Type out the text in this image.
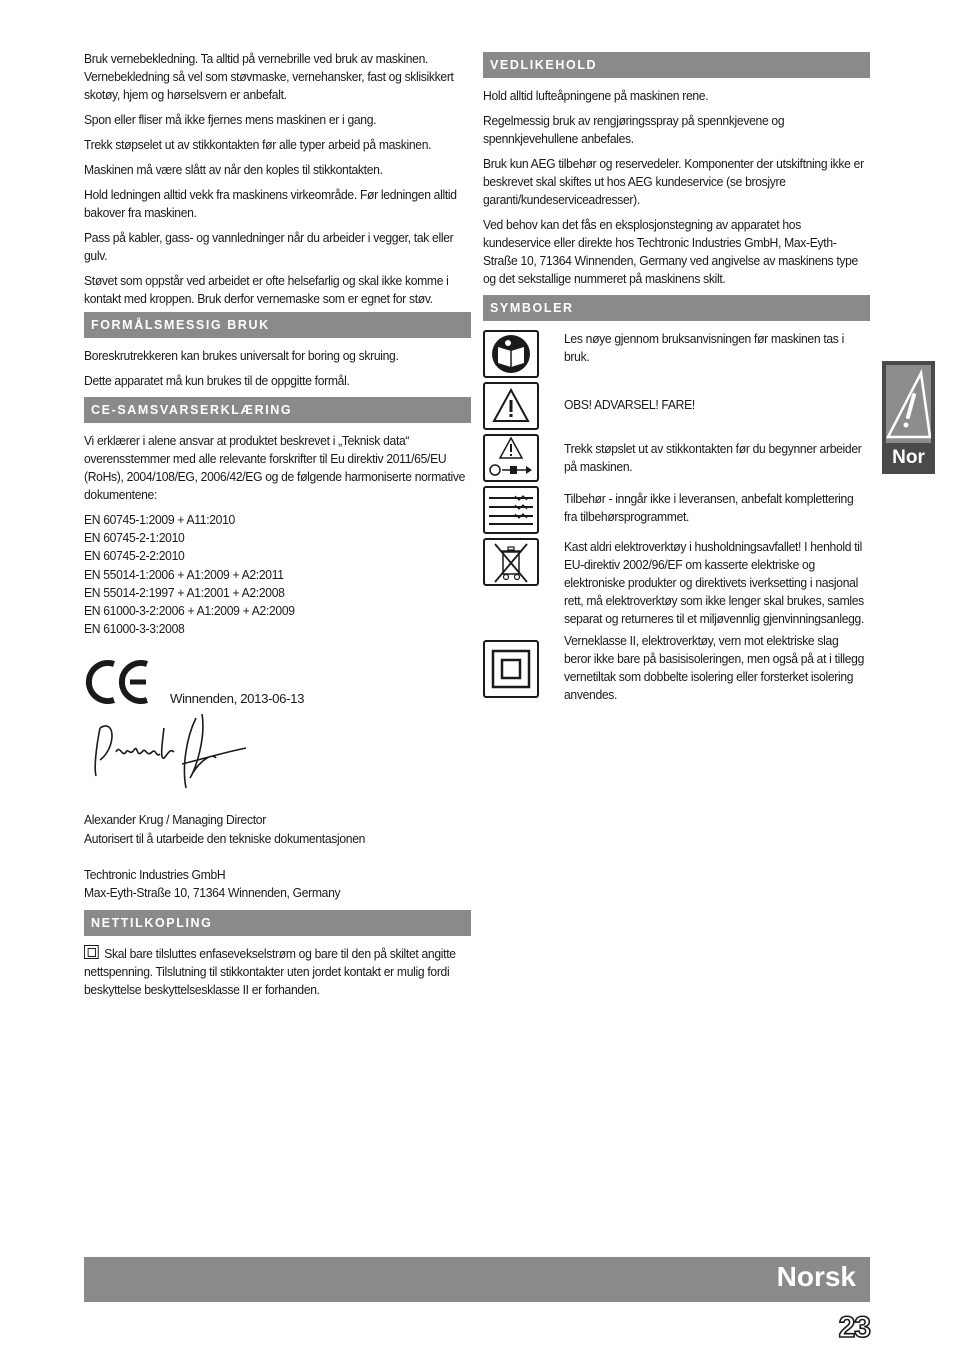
Bruk vernebekledning. Ta alltid på vernebrille ved bruk av maskinen. Vernebekledning så vel som støvmaske, vernehansker, fast og sklisikkert skotøy, hjem og hørselsvern er anbefalt.

Spon eller fliser må ikke fjernes mens maskinen er i gang.

Trekk støpselet ut av stikkontakten før alle typer arbeid på maskinen.

Maskinen må være slått av når den koples til stikkontakten.

Hold ledningen alltid vekk fra maskinens virkeområde. Før ledningen alltid bakover fra maskinen.

Pass på kabler, gass- og vannledninger når du arbeider i vegger, tak eller gulv.

Støvet som oppstår ved arbeidet er ofte helsefarlig og skal ikke komme i kontakt med kroppen. Bruk derfor vernemaske som er egnet for støv.

FORMÅLSMESSIG BRUK

Boreskrutrekkeren kan brukes universalt for boring og skruing.

Dette apparatet må kun brukes til de oppgitte formål.

CE-SAMSVARSERKLÆRING

Vi erklærer i alene ansvar at produktet beskrevet i „Teknisk data“ overensstemmer med alle relevante forskrifter til Eu direktiv 2011/65/EU (RoHs), 2004/108/EG, 2006/42/EG og de følgende harmoniserte normative dokumentene:

EN 60745-1:2009 + A11:2010
EN 60745-2-1:2010
EN 60745-2-2:2010
EN 55014-1:2006 + A1:2009 + A2:2011
EN 55014-2:1997 + A1:2001 + A2:2008
EN 61000-3-2:2006 + A1:2009 + A2:2009
EN 61000-3-3:2008
Winnenden, 2013-06-13
Alexander Krug / Managing Director
Autorisert til å utarbeide den tekniske dokumentasjonen
Techtronic Industries GmbH
Max-Eyth-Straße 10, 71364 Winnenden, Germany
NETTILKOPLING

Skal bare tilsluttes enfasevekselstrøm og bare til den på skiltet angitte nettspenning. Tilslutning til stikkontakter uten jordet kontakt er mulig fordi beskyttelse beskyttelsesklasse II er forhanden.

VEDLIKEHOLD

Hold alltid lufteåpningene på maskinen rene.

Regelmessig bruk av rengjøringsspray på spennkjevene og spennkjevehullene anbefales.

Bruk kun AEG tilbehør og reservedeler. Komponenter der utskiftning ikke er beskrevet skal skiftes ut hos AEG kundeservice (se brosjyre garanti/kundeserviceadresser).

Ved behov kan det fås en eksplosjonstegning av apparatet hos kundeservice eller direkte hos Techtronic Industries GmbH, Max-Eyth-Straße 10, 71364 Winnenden, Germany ved angivelse av maskinens type og det sekstallige nummeret på maskinens skilt.

SYMBOLER

Les nøye gjennom bruksanvisningen før maskinen tas i bruk.

OBS! ADVARSEL! FARE!

Trekk støpslet ut av stikkontakten før du begynner arbeider på maskinen.

Tilbehør - inngår ikke i leveransen, anbefalt komplettering fra tilbehørsprogrammet.

Kast aldri elektroverktøy i husholdningsavfallet! I henhold til EU-direktiv 2002/96/EF om kasserte elektriske og elektroniske produkter og direktivets iverksetting i nasjonal rett, må elektroverktøy som ikke lenger skal brukes, samles separat og returneres til et miljøvennlig gjenvinningsanlegg.

Verneklasse II, elektroverktøy, vern mot elektriske slag beror ikke bare på basisisoleringen, men også på at i tillegg vernetiltak som dobbelte isolering eller forsterket isolering anvendes.

Nor
Norsk
23
